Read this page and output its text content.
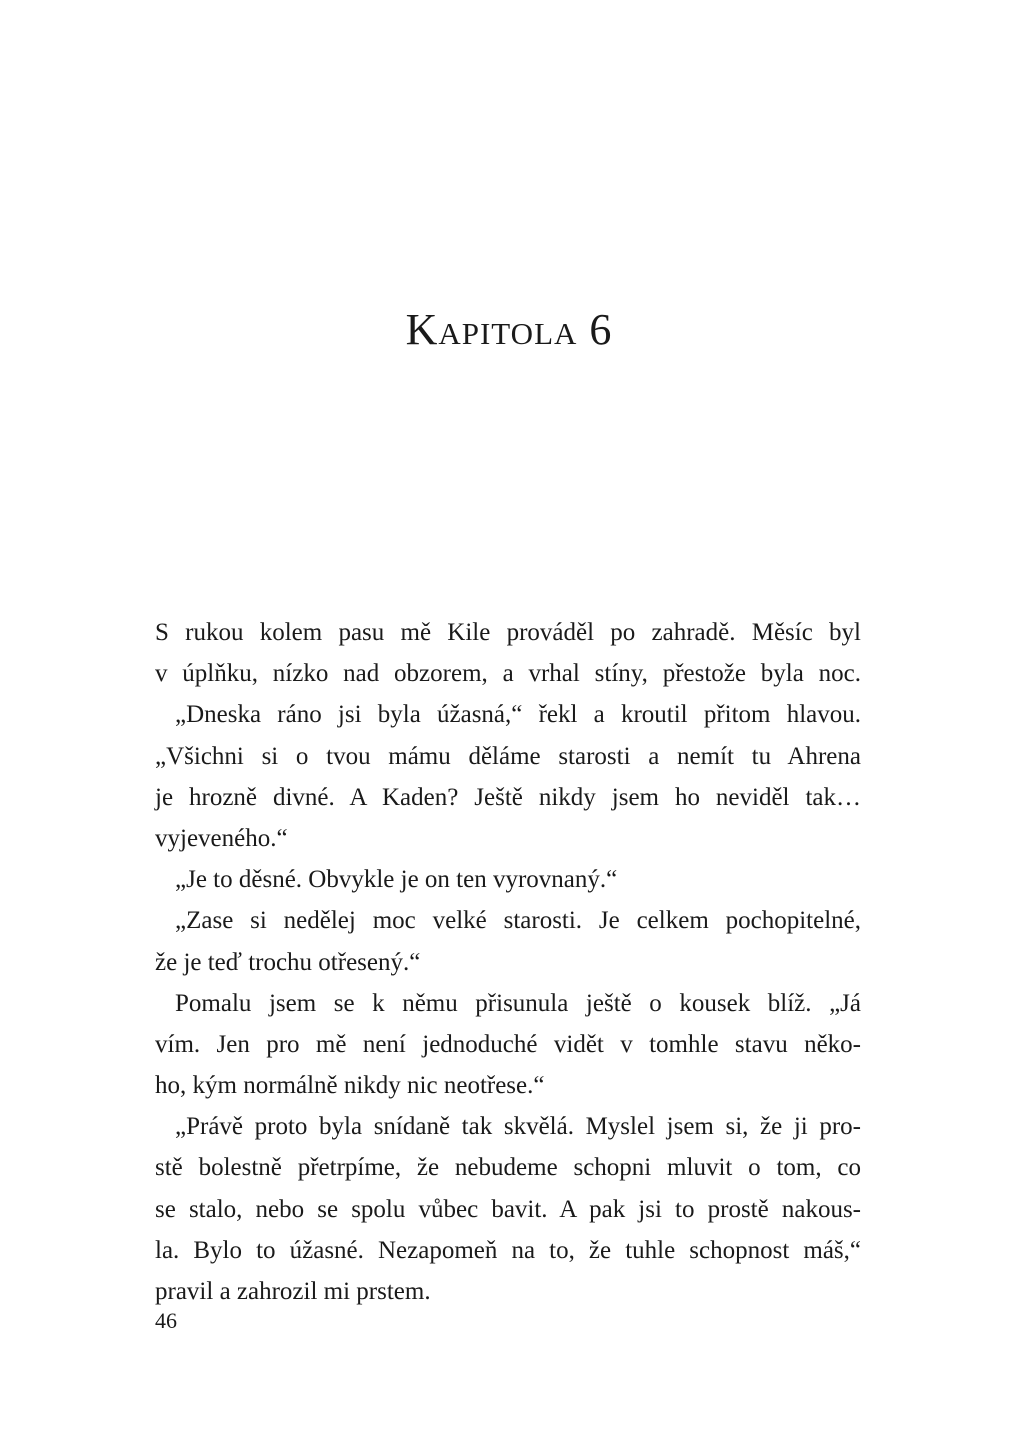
Kapitola 6
S rukou kolem pasu mě Kile prováděl po zahradě. Měsíc byl
v úplňku, nízko nad obzorem, a vrhal stíny, přestože byla noc.
„Dneska ráno jsi byla úžasná,“ řekl a kroutil přitom hlavou.
„Všichni si o tvou mámu děláme starosti a nemít tu Ahrena
je hrozně divné. A Kaden? Ještě nikdy jsem ho neviděl tak…
vyjeveného.“
„Je to děsné. Obvykle je on ten vyrovnaný.“
„Zase si nedělej moc velké starosti. Je celkem pochopitelné,
že je teď trochu otřesený.“
Pomalu jsem se k němu přisunula ještě o kousek blíž. „Já
vím. Jen pro mě není jednoduché vidět v tomhle stavu někо-
ho, kým normálně nikdy nic neotřese.“
„Právě proto byla snídaně tak skvělá. Myslel jsem si, že ji pro-
stě bolestně přetrpíme, že nebudeme schopni mluvit o tom, co
se stalo, nebo se spolu vůbec bavit. A pak jsi to prostě nakous-
la. Bylo to úžasné. Nezapomeň na to, že tuhle schopnost máš,“
pravil a zahrozil mi prstem.
46
